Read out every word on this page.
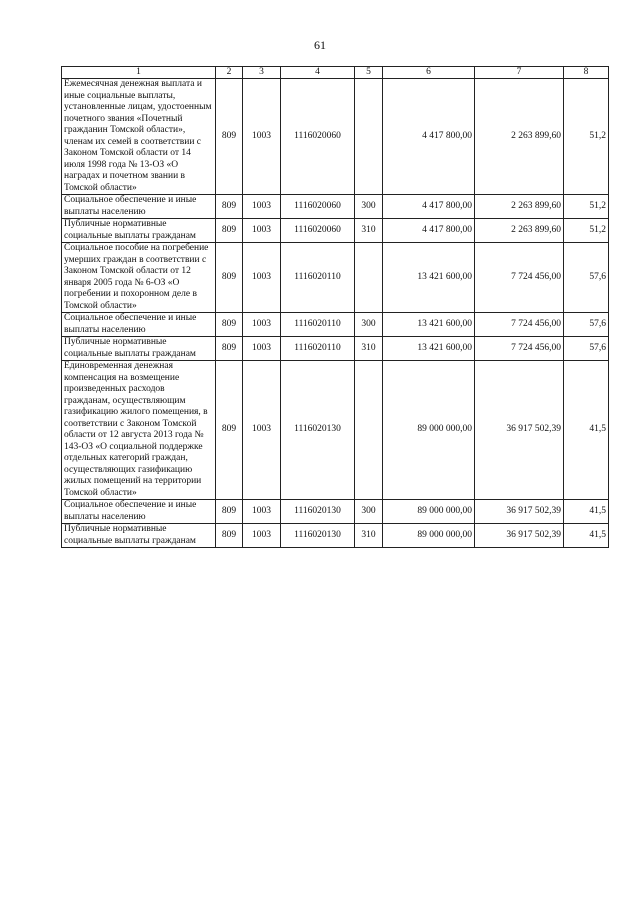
61
1	2	3	4	5	6	7	8
Ежемесячная денежная выплата и иные социальные выплаты, установленные лицам, удостоенным почетного звания «Почетный гражданин Томской области», членам их семей в соответствии с Законом Томской области от 14 июля 1998 года № 13-ОЗ «О наградах и почетном звании в Томской области»	809	1003	1116020060		4 417 800,00	2 263 899,60	51,2
Социальное обеспечение и иные выплаты населению	809	1003	1116020060	300	4 417 800,00	2 263 899,60	51,2
Публичные нормативные социальные выплаты гражданам	809	1003	1116020060	310	4 417 800,00	2 263 899,60	51,2
Социальное пособие на погребение умерших граждан в соответствии с Законом Томской области от 12 января 2005 года № 6-ОЗ «О погребении и похоронном деле в Томской области»	809	1003	1116020110		13 421 600,00	7 724 456,00	57,6
Социальное обеспечение и иные выплаты населению	809	1003	1116020110	300	13 421 600,00	7 724 456,00	57,6
Публичные нормативные социальные выплаты гражданам	809	1003	1116020110	310	13 421 600,00	7 724 456,00	57,6
Единовременная денежная компенсация на возмещение произведенных расходов гражданам, осуществляющим газификацию жилого помещения, в соответствии с Законом Томской области от 12 августа 2013 года № 143-ОЗ «О социальной поддержке отдельных категорий граждан, осуществляющих газификацию жилых помещений на территории Томской области»	809	1003	1116020130		89 000 000,00	36 917 502,39	41,5
Социальное обеспечение и иные выплаты населению	809	1003	1116020130	300	89 000 000,00	36 917 502,39	41,5
Публичные нормативные социальные выплаты гражданам	809	1003	1116020130	310	89 000 000,00	36 917 502,39	41,5
